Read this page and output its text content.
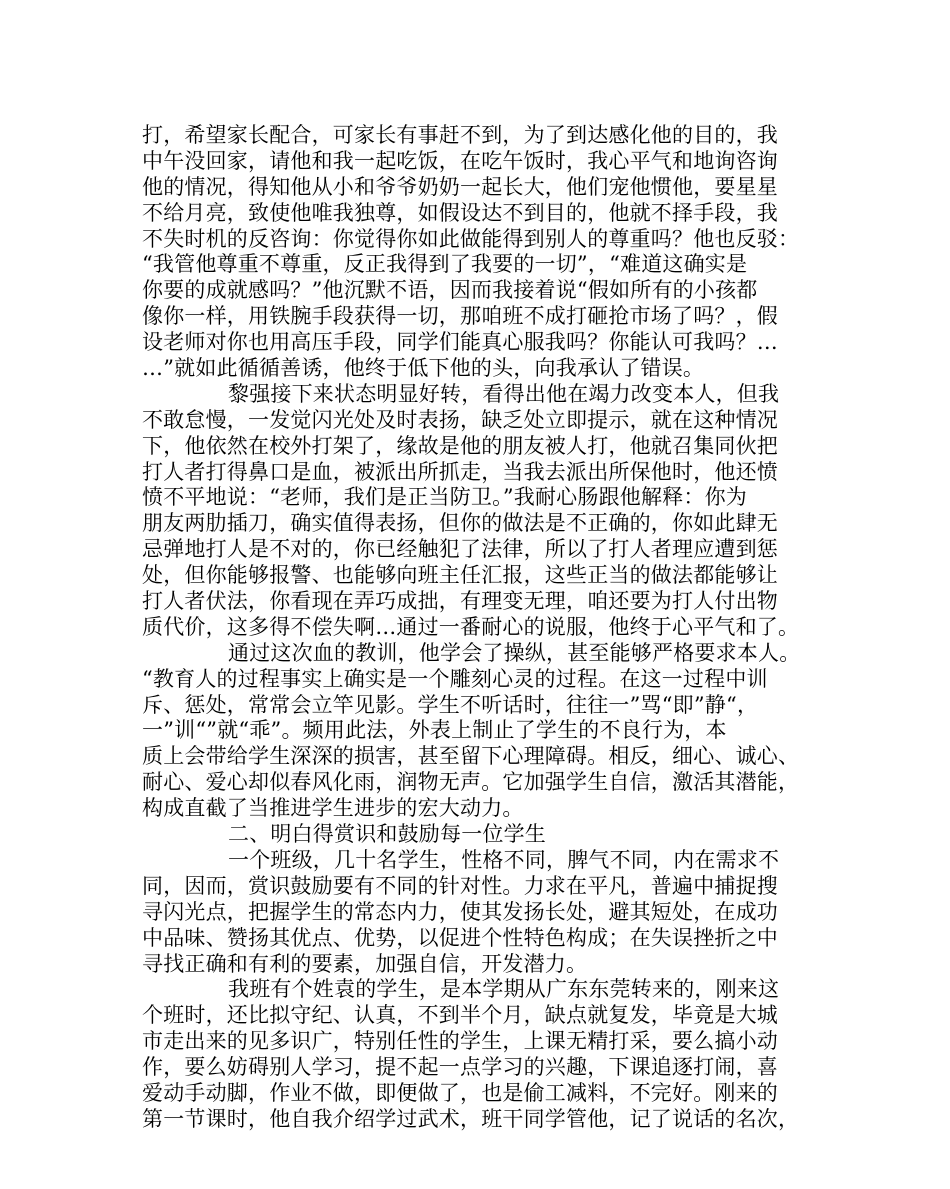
打，希望家长配合，可家长有事赶不到，为了到达感化他的目的，我
中午没回家，请他和我一起吃饭，在吃午饭时，我心平气和地询咨询
他的情况，得知他从小和爷爷奶奶一起长大，他们宠他惯他，要星星
不给月亮，致使他唯我独尊，如假设达不到目的，他就不择手段，我
不失时机的反咨询：你觉得你如此做能得到别人的尊重吗？他也反驳：
“我管他尊重不尊重，反正我得到了我要的一切”，“难道这确实是
你要的成就感吗？”他沉默不语，因而我接着说“假如所有的小孩都
像你一样，用铁腕手段获得一切，那咱班不成打砸抢市场了吗？，假
设老师对你也用高压手段，同学们能真心服我吗？你能认可我吗？…
…”就如此循循善诱，他终于低下他的头，向我承认了错误。
黎强接下来状态明显好转，看得出他在竭力改变本人，但我
不敢怠慢，一发觉闪光处及时表扬，缺乏处立即提示，就在这种情况
下，他依然在校外打架了，缘故是他的朋友被人打，他就召集同伙把
打人者打得鼻口是血，被派出所抓走，当我去派出所保他时，他还愤
愤不平地说：“老师，我们是正当防卫。”我耐心肠跟他解释：你为
朋友两肋插刀，确实值得表扬，但你的做法是不正确的，你如此肆无
忌弹地打人是不对的，你已经触犯了法律，所以了打人者理应遭到惩
处，但你能够报警、也能够向班主任汇报，这些正当的做法都能够让
打人者伏法，你看现在弄巧成拙，有理变无理，咱还要为打人付出物
质代价，这多得不偿失啊…通过一番耐心的说服，他终于心平气和了。
通过这次血的教训，他学会了操纵，甚至能够严格要求本人。
“教育人的过程事实上确实是一个雕刻心灵的过程。在这一过程中训
斥、惩处，常常会立竿见影。学生不听话时，往往一”骂“即”静“，
一”训“”就“乖”。频用此法，外表上制止了学生的不良行为，本
质上会带给学生深深的损害，甚至留下心理障碍。相反，细心、诚心、
耐心、爱心却似春风化雨，润物无声。它加强学生自信，激活其潜能，
构成直截了当推进学生进步的宏大动力。
二、明白得赏识和鼓励每一位学生
一个班级，几十名学生，性格不同，脾气不同，内在需求不
同，因而，赏识鼓励要有不同的针对性。力求在平凡，普遍中捕捉搜
寻闪光点，把握学生的常态内力，使其发扬长处，避其短处，在成功
中品味、赞扬其优点、优势，以促进个性特色构成；在失误挫折之中
寻找正确和有利的要素，加强自信，开发潜力。
我班有个姓袁的学生，是本学期从广东东莞转来的，刚来这
个班时，还比拟守纪、认真，不到半个月，缺点就复发，毕竟是大城
市走出来的见多识广，特别任性的学生，上课无精打采，要么搞小动
作，要么妨碍别人学习，提不起一点学习的兴趣，下课追逐打闹，喜
爱动手动脚，作业不做，即便做了，也是偷工减料，不完好。刚来的
第一节课时，他自我介绍学过武术，班干同学管他，记了说话的名次，
